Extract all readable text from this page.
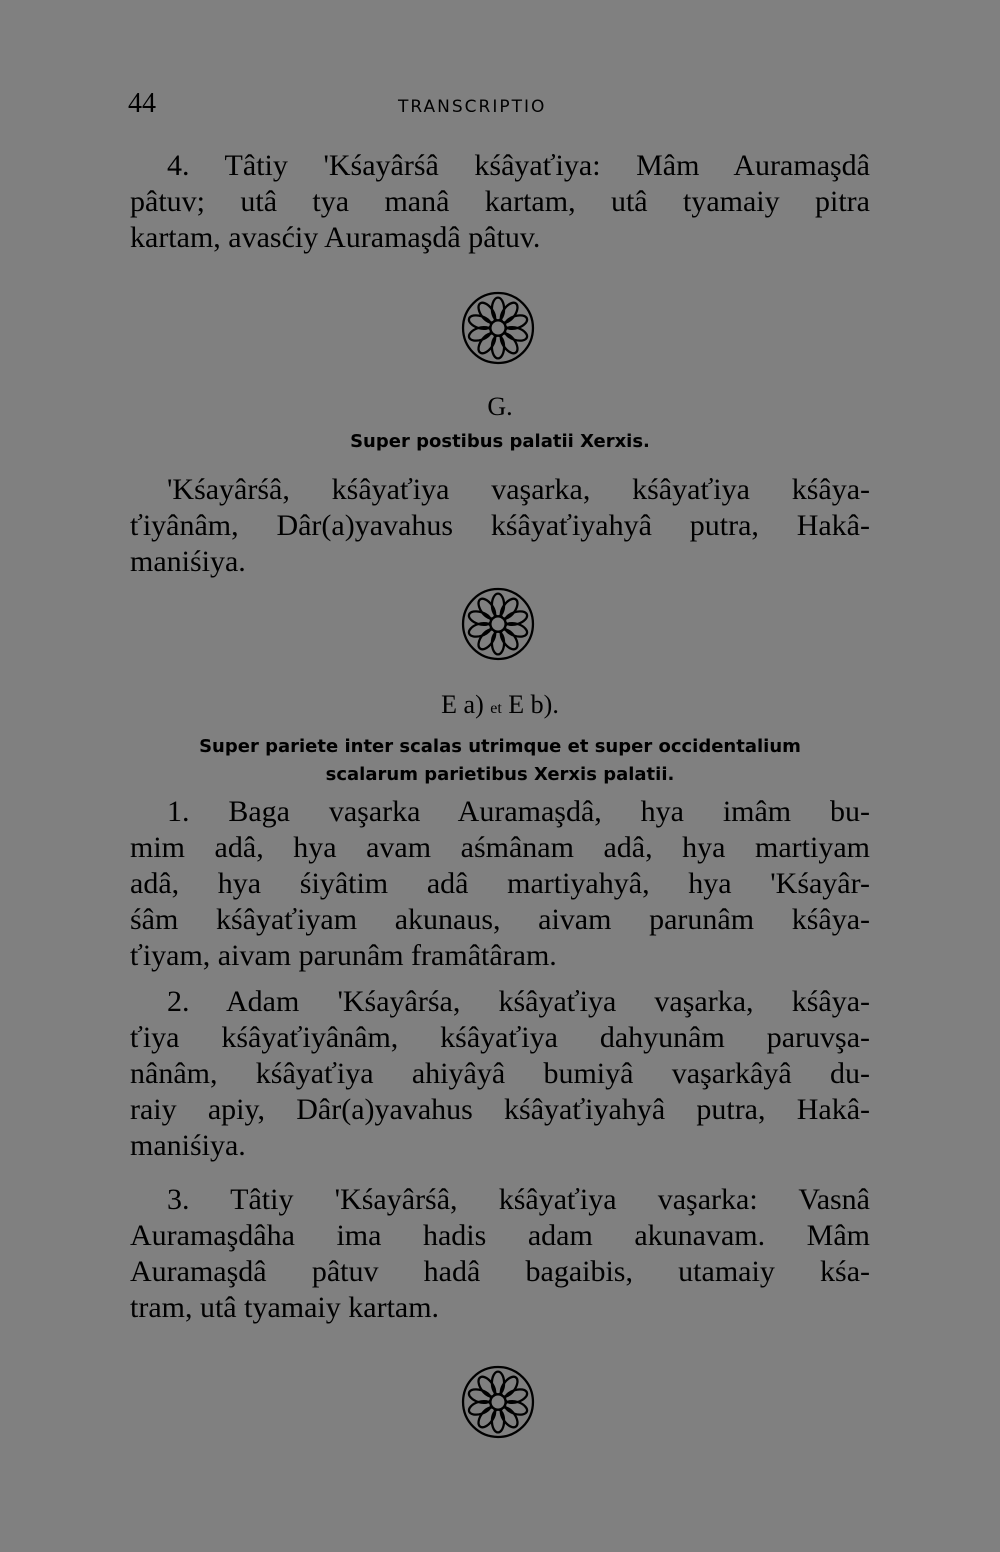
44	TRANSCRIPTIO
4. Tâtiy 'Kśayârśâ kśâyaťiya: Mâm Auramaşdâ
pâtuv; utâ tya manâ kartam, utâ tyamaiy pitra
kartam, avasćiy Auramaşdâ pâtuv.
G.
Super postibus palatii Xerxis.
'Kśayârśâ, kśâyaťiya vaşarka, kśâyaťiya kśâya-
ťiyânâm, Dâr(a)yavahus kśâyaťiyahyâ putra, Hakâ-
maniśiya.
E a) et E b).
Super pariete inter scalas utrimque et super occidentalium
scalarum parietibus Xerxis palatii.
1. Baga vaşarka Auramaşdâ, hya imâm bu-
mim adâ, hya avam aśmânam adâ, hya martiyam
adâ, hya śiyâtim adâ martiyahyâ, hya 'Kśayâr-
śâm kśâyaťiyam akunaus, aivam parunâm kśâya-
ťiyam, aivam parunâm framâtâram.
2. Adam 'Kśayârśa, kśâyaťiya vaşarka, kśâya-
ťiya kśâyaťiyânâm, kśâyaťiya dahyunâm paruvşa-
nânâm, kśâyaťiya ahiyâyâ bumiyâ vaşarkâyâ du-
raiy apiy, Dâr(a)yavahus kśâyaťiyahyâ putra, Hakâ-
maniśiya.
3. Tâtiy 'Kśayârśâ, kśâyaťiya vaşarka: Vasnâ
Auramaşdâha ima hadis adam akunavam. Mâm
Auramaşdâ pâtuv hadâ bagaibis, utamaiy kśa-
tram, utâ tyamaiy kartam.
